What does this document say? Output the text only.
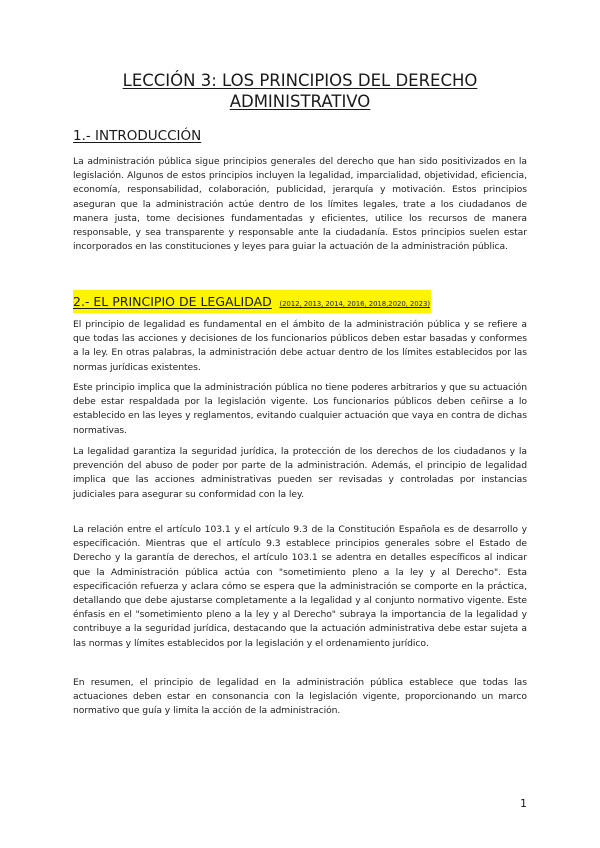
LECCIÓN 3: LOS PRINCIPIOS DEL DERECHO ADMINISTRATIVO
1.- INTRODUCCIÓN

La administración pública sigue principios generales del derecho que han sido positivizados en la legislación. Algunos de estos principios incluyen la legalidad, imparcialidad, objetividad, eficiencia, economía, responsabilidad, colaboración, publicidad, jerarquía y motivación. Estos principios aseguran que la administración actúe dentro de los límites legales, trate a los ciudadanos de manera justa, tome decisiones fundamentadas y eficientes, utilice los recursos de manera responsable, y sea transparente y responsable ante la ciudadanía. Estos principios suelen estar incorporados en las constituciones y leyes para guiar la actuación de la administración pública.

2.- EL PRINCIPIO DE LEGALIDAD (2012, 2013, 2014, 2016, 2018,2020, 2023)

El principio de legalidad es fundamental en el ámbito de la administración pública y se refiere a que todas las acciones y decisiones de los funcionarios públicos deben estar basadas y conformes a la ley. En otras palabras, la administración debe actuar dentro de los límites establecidos por las normas jurídicas existentes.

Este principio implica que la administración pública no tiene poderes arbitrarios y que su actuación debe estar respaldada por la legislación vigente. Los funcionarios públicos deben ceñirse a lo establecido en las leyes y reglamentos, evitando cualquier actuación que vaya en contra de dichas normativas.

La legalidad garantiza la seguridad jurídica, la protección de los derechos de los ciudadanos y la prevención del abuso de poder por parte de la administración. Además, el principio de legalidad implica que las acciones administrativas pueden ser revisadas y controladas por instancias judiciales para asegurar su conformidad con la ley.

La relación entre el artículo 103.1 y el artículo 9.3 de la Constitución Española es de desarrollo y especificación. Mientras que el artículo 9.3 establece principios generales sobre el Estado de Derecho y la garantía de derechos, el artículo 103.1 se adentra en detalles específicos al indicar que la Administración pública actúa con "sometimiento pleno a la ley y al Derecho". Esta especificación refuerza y aclara cómo se espera que la administración se comporte en la práctica, detallando que debe ajustarse completamente a la legalidad y al conjunto normativo vigente. Este énfasis en el "sometimiento pleno a la ley y al Derecho" subraya la importancia de la legalidad y contribuye a la seguridad jurídica, destacando que la actuación administrativa debe estar sujeta a las normas y límites establecidos por la legislación y el ordenamiento jurídico.

En resumen, el principio de legalidad en la administración pública establece que todas las actuaciones deben estar en consonancia con la legislación vigente, proporcionando un marco normativo que guía y limita la acción de la administración.

1
